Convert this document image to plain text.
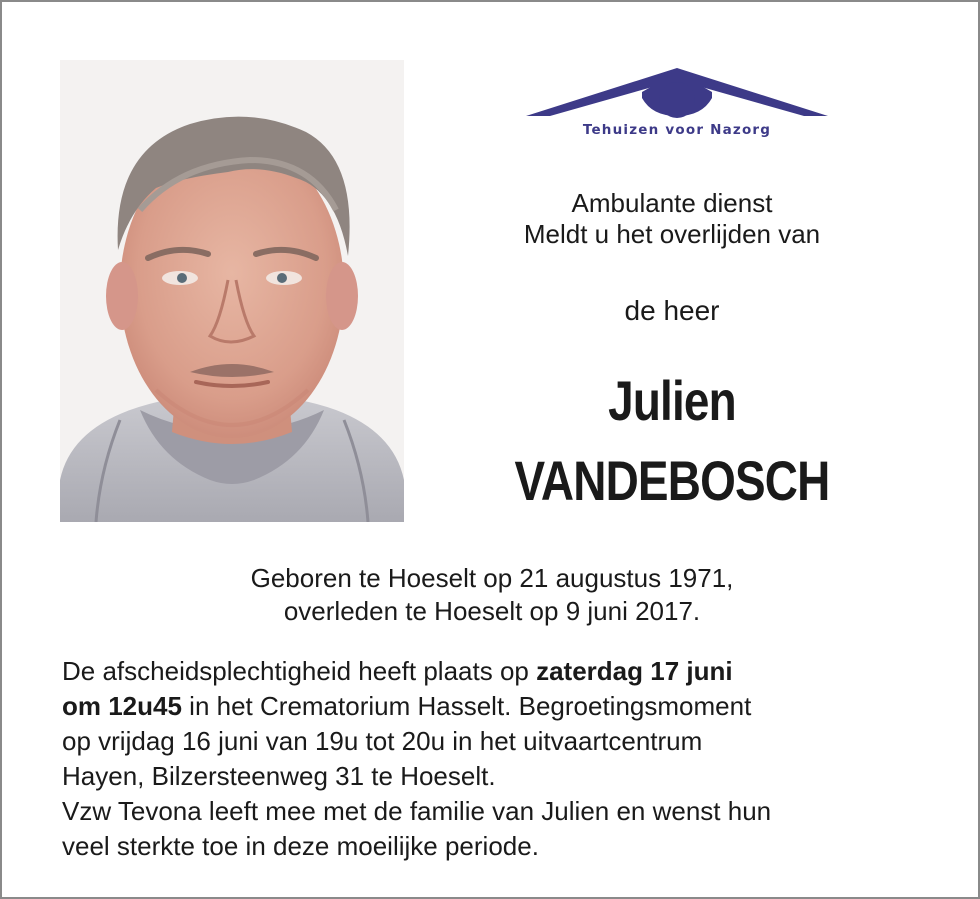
Tehuizen voor Nazorg
Ambulante dienst
Meldt u het overlijden van
de heer
Julien
VANDEBOSCH
Geboren te Hoeselt op 21 augustus 1971,
overleden te Hoeselt op 9 juni 2017.

De afscheidsplechtigheid heeft plaats op zaterdag 17 juni
om 12u45 in het Crematorium Hasselt. Begroetingsmoment
op vrijdag 16 juni van 19u tot 20u in het uitvaartcentrum
Hayen, Bilzersteenweg 31 te Hoeselt.

Vzw Tevona leeft mee met de familie van Julien en wenst hun
veel sterkte toe in deze moeilijke periode.
